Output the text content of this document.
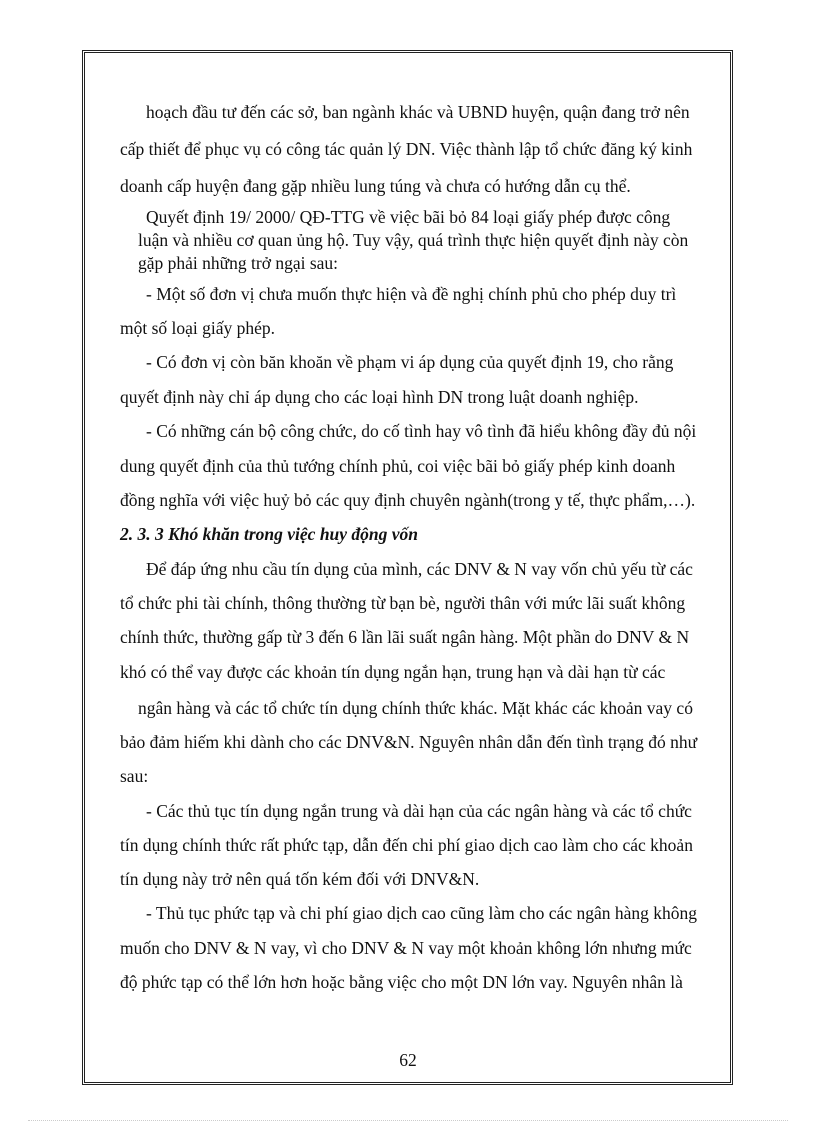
hoạch đầu tư đến các sở, ban ngành khác và UBND huyện, quận đang trở nên
cấp thiết để phục vụ có công tác quản lý DN. Việc thành lập tổ chức đăng ký kinh
doanh cấp huyện đang gặp nhiều lung túng và chưa có hướng dẫn cụ thể.
Quyết định 19/ 2000/ QĐ-TTG về việc bãi bỏ 84 loại giấy phép được công
luận và nhiều cơ quan ủng hộ. Tuy vậy, quá trình thực hiện quyết định này còn
gặp phải những trở ngại sau:
- Một số đơn vị chưa muốn thực hiện và đề nghị chính phủ cho phép duy trì
một số loại giấy phép.
- Có đơn vị còn băn khoăn về phạm vi áp dụng của quyết định 19, cho rằng
quyết định này chỉ áp dụng cho các loại hình DN trong luật doanh nghiệp.
- Có những cán bộ công chức, do cố tình hay vô tình đã hiểu không đầy đủ nội
dung quyết định của thủ tướng chính phủ, coi việc bãi bỏ giấy phép kinh doanh
đồng nghĩa với việc huỷ bỏ các quy định chuyên ngành(trong y tế, thực phẩm,…).
2. 3. 3 Khó khăn trong việc huy động vốn
Để đáp ứng nhu cầu tín dụng của mình, các DNV & N vay vốn chủ yếu từ các
tổ chức phi tài chính, thông thường từ bạn bè, người thân với mức lãi suất không
chính thức, thường gấp từ 3 đến 6 lần lãi suất ngân hàng. Một phần do DNV & N
khó có thể vay được các khoản tín dụng ngắn hạn, trung hạn và dài hạn từ các
ngân hàng và các tổ chức tín dụng chính thức khác. Mặt khác các khoản vay có
bảo đảm hiếm khi dành cho các DNV&N. Nguyên nhân dẫn đến tình trạng đó như
sau:
- Các thủ tục tín dụng ngắn trung và dài hạn của các ngân hàng và các tổ chức
tín dụng chính thức rất phức tạp, dẫn đến chi phí giao dịch cao làm cho các khoản
tín dụng này trở nên quá tốn kém đối với DNV&N.
- Thủ tục phức tạp và chi phí giao dịch cao cũng làm cho các ngân hàng không
muốn cho DNV & N vay, vì cho DNV & N vay một khoản không lớn nhưng mức
độ phức tạp có thể lớn hơn hoặc bằng việc cho một DN lớn vay. Nguyên nhân là
62
